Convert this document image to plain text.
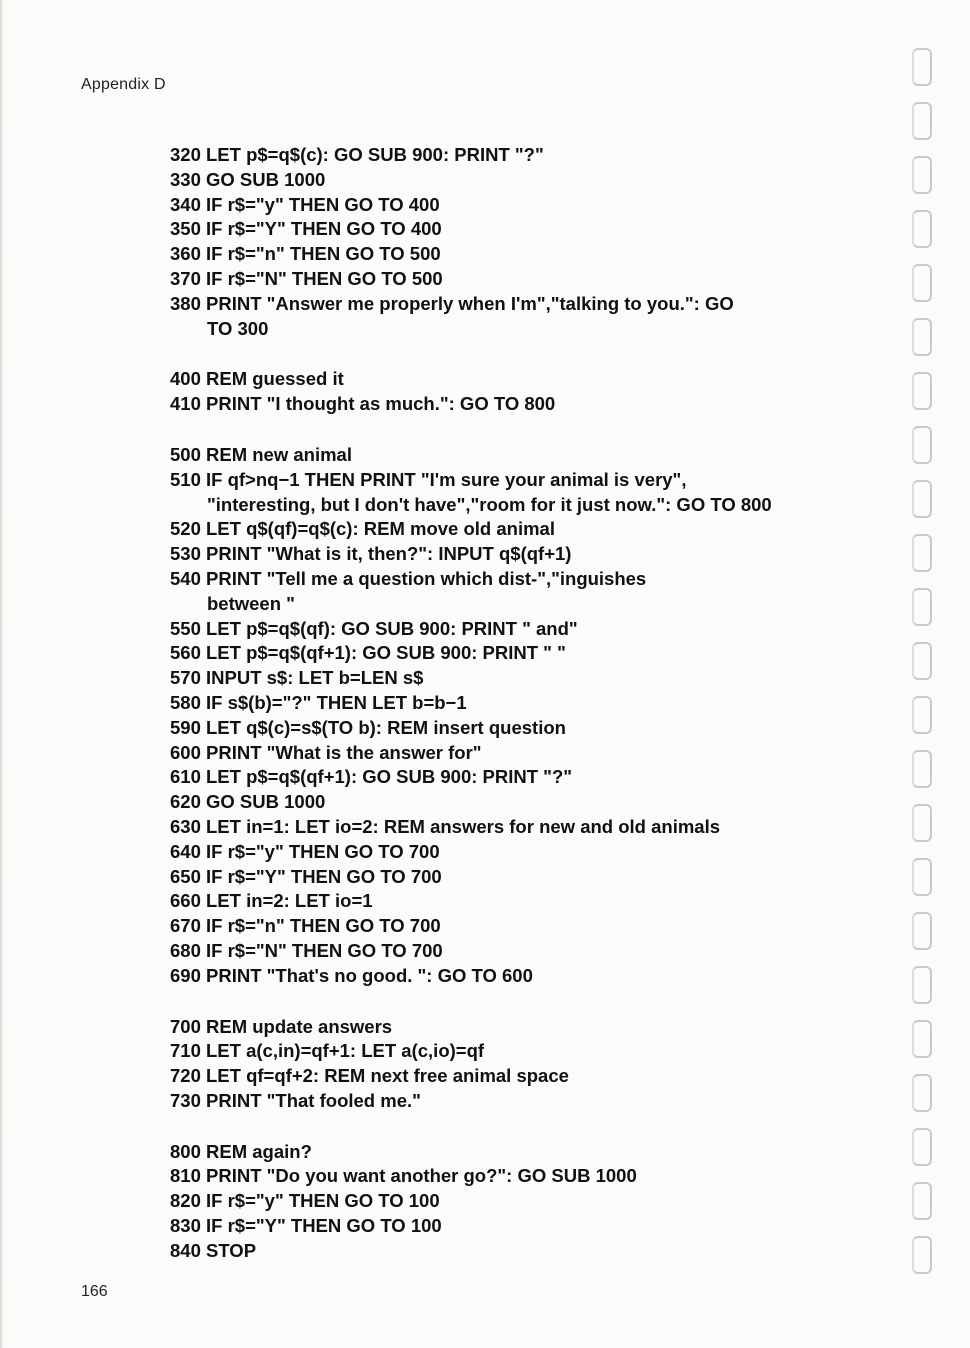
Appendix D
320 LET p$=q$(c): GO SUB 900: PRINT "?"
330 GO SUB 1000
340 IF r$="y" THEN GO TO 400
350 IF r$="Y" THEN GO TO 400
360 IF r$="n" THEN GO TO 500
370 IF r$="N" THEN GO TO 500
380 PRINT "Answer me properly when I'm","talking to you.": GO
TO 300
400 REM guessed it
410 PRINT "I thought as much.": GO TO 800
500 REM new animal
510 IF qf>nq−1 THEN PRINT "I'm sure your animal is very",
"interesting, but I don't have","room for it just now.": GO TO 800
520 LET q$(qf)=q$(c): REM move old animal
530 PRINT "What is it, then?": INPUT q$(qf+1)
540 PRINT "Tell me a question which dist-","inguishes
between "
550 LET p$=q$(qf): GO SUB 900: PRINT " and"
560 LET p$=q$(qf+1): GO SUB 900: PRINT " "
570 INPUT s$: LET b=LEN s$
580 IF s$(b)="?" THEN LET b=b−1
590 LET q$(c)=s$(TO b): REM insert question
600 PRINT "What is the answer for"
610 LET p$=q$(qf+1): GO SUB 900: PRINT "?"
620 GO SUB 1000
630 LET in=1: LET io=2: REM answers for new and old animals
640 IF r$="y" THEN GO TO 700
650 IF r$="Y" THEN GO TO 700
660 LET in=2: LET io=1
670 IF r$="n" THEN GO TO 700
680 IF r$="N" THEN GO TO 700
690 PRINT "That's no good. ": GO TO 600
700 REM update answers
710 LET a(c,in)=qf+1: LET a(c,io)=qf
720 LET qf=qf+2: REM next free animal space
730 PRINT "That fooled me."
800 REM again?
810 PRINT "Do you want another go?": GO SUB 1000
820 IF r$="y" THEN GO TO 100
830 IF r$="Y" THEN GO TO 100
840 STOP
166
